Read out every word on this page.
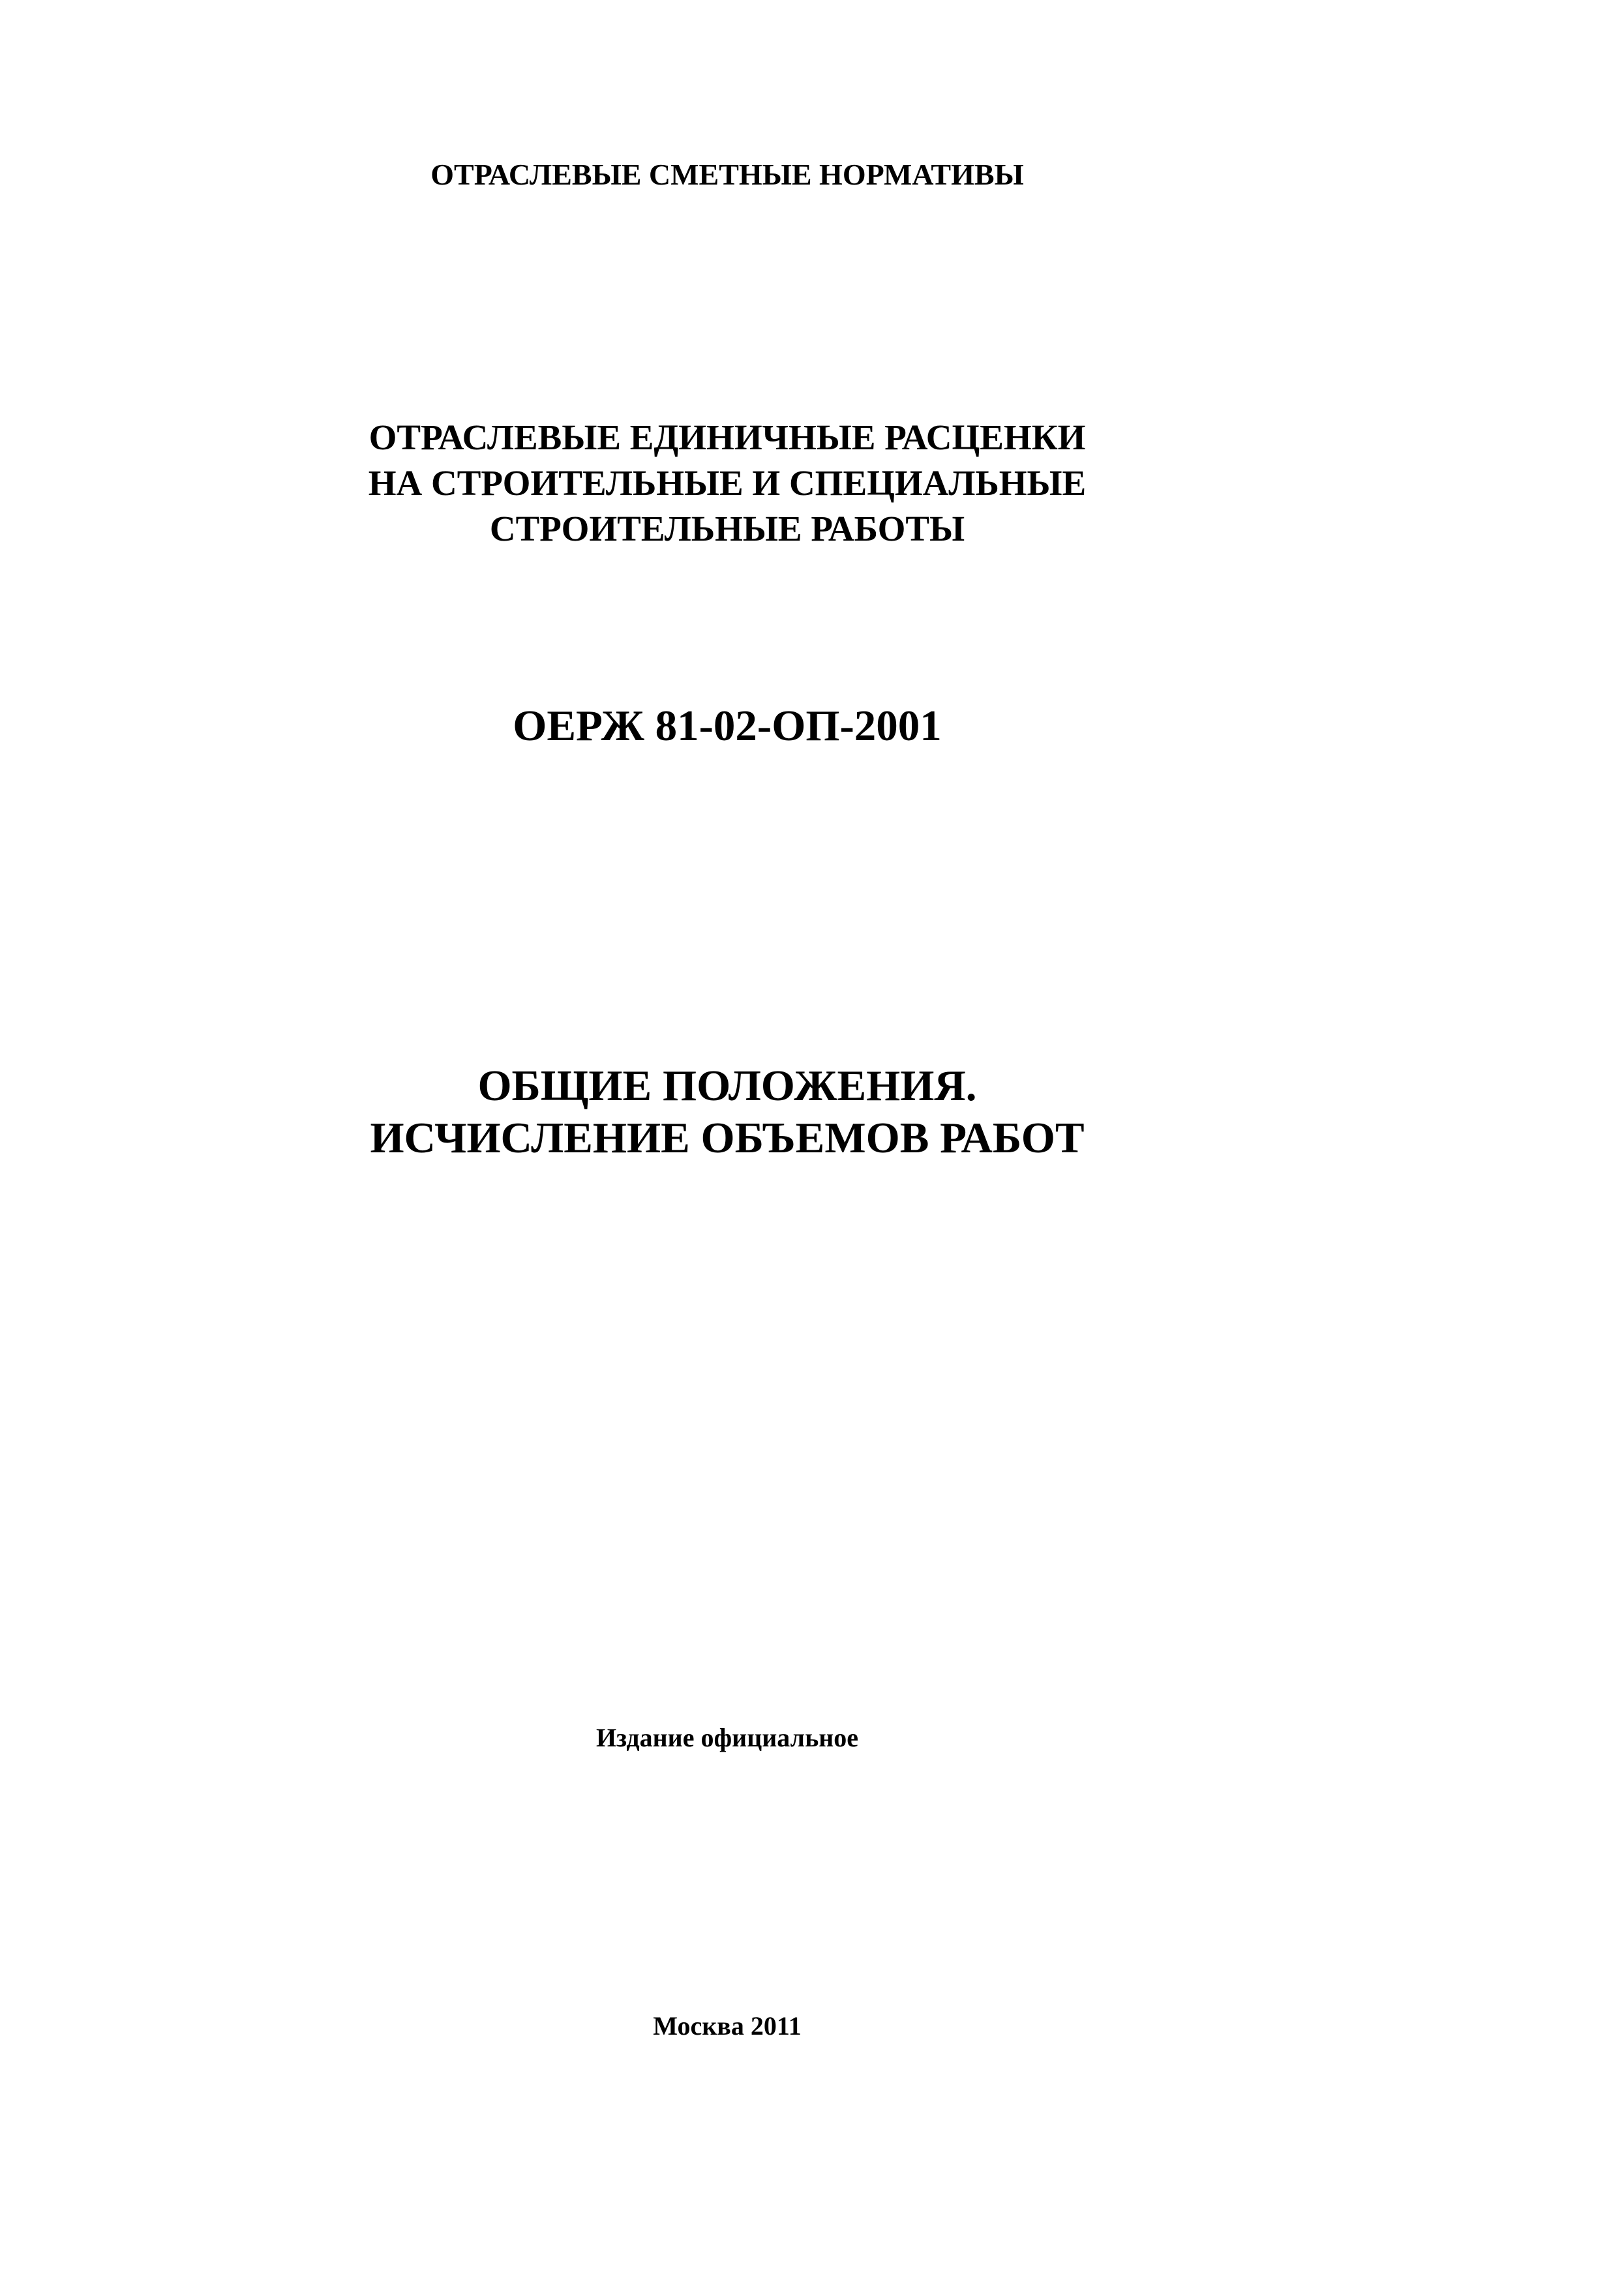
ОТРАСЛЕВЫЕ СМЕТНЫЕ НОРМАТИВЫ
ОТРАСЛЕВЫЕ ЕДИНИЧНЫЕ РАСЦЕНКИ
НА СТРОИТЕЛЬНЫЕ И СПЕЦИАЛЬНЫЕ
СТРОИТЕЛЬНЫЕ РАБОТЫ
ОЕРЖ 81-02-ОП-2001
ОБЩИЕ ПОЛОЖЕНИЯ.
ИСЧИСЛЕНИЕ ОБЪЕМОВ РАБОТ
Издание официальное
Москва 2011
